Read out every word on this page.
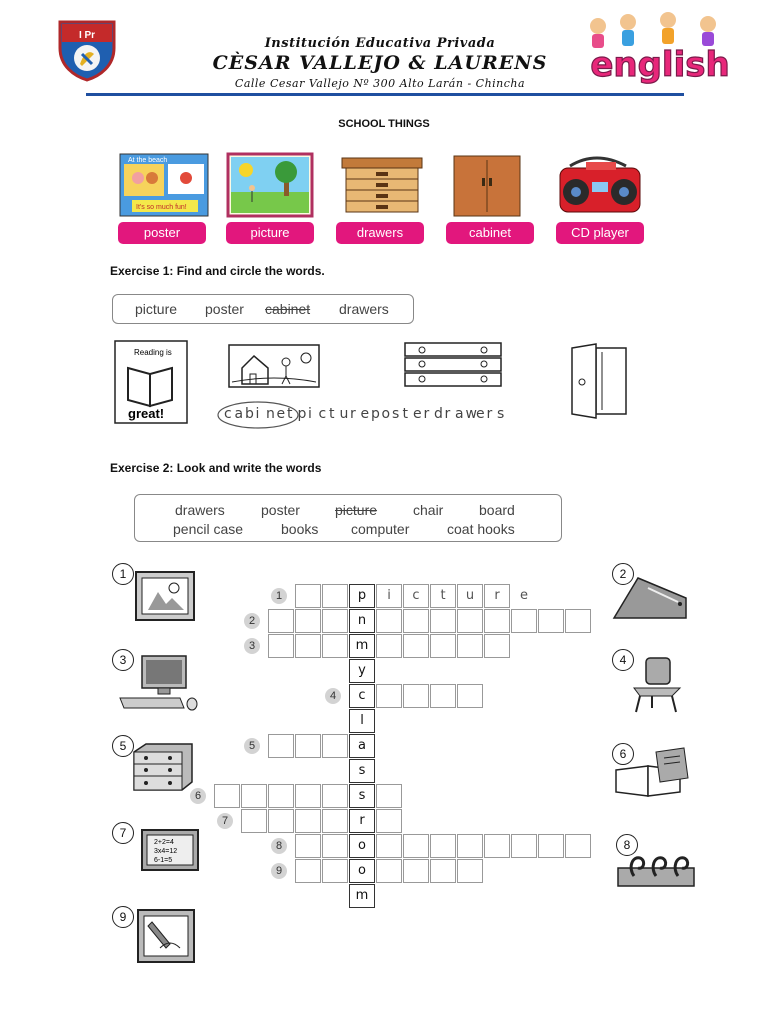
I Pr
Institución Educativa Privada
CÈSAR VALLEJO & LAURENS
Calle Cesar Vallejo Nº 300 Alto Larán - Chincha	english
SCHOOL THINGS
At the beach
It's so much fun!
poster	picture	drawers	cabinet	CD player
Exercise 1: Find and circle the words.
picture poster cabinet drawers
Reading is
great!	c a b i n e t p i c t u r e p o s t e r d r a w e r s
Exercise 2: Look and write the words
drawers	poster	picture	chair	board
pencil case	books computer	coat hooks
1
3
5
7
2+2=4
3x4=12
6-1=5
9
2
4
6
8
p
1
n
2
m
3
y
c
4
l
a
5
s
s
6
r
7
o
8
o
9
m
i	c	t	u	r	e
